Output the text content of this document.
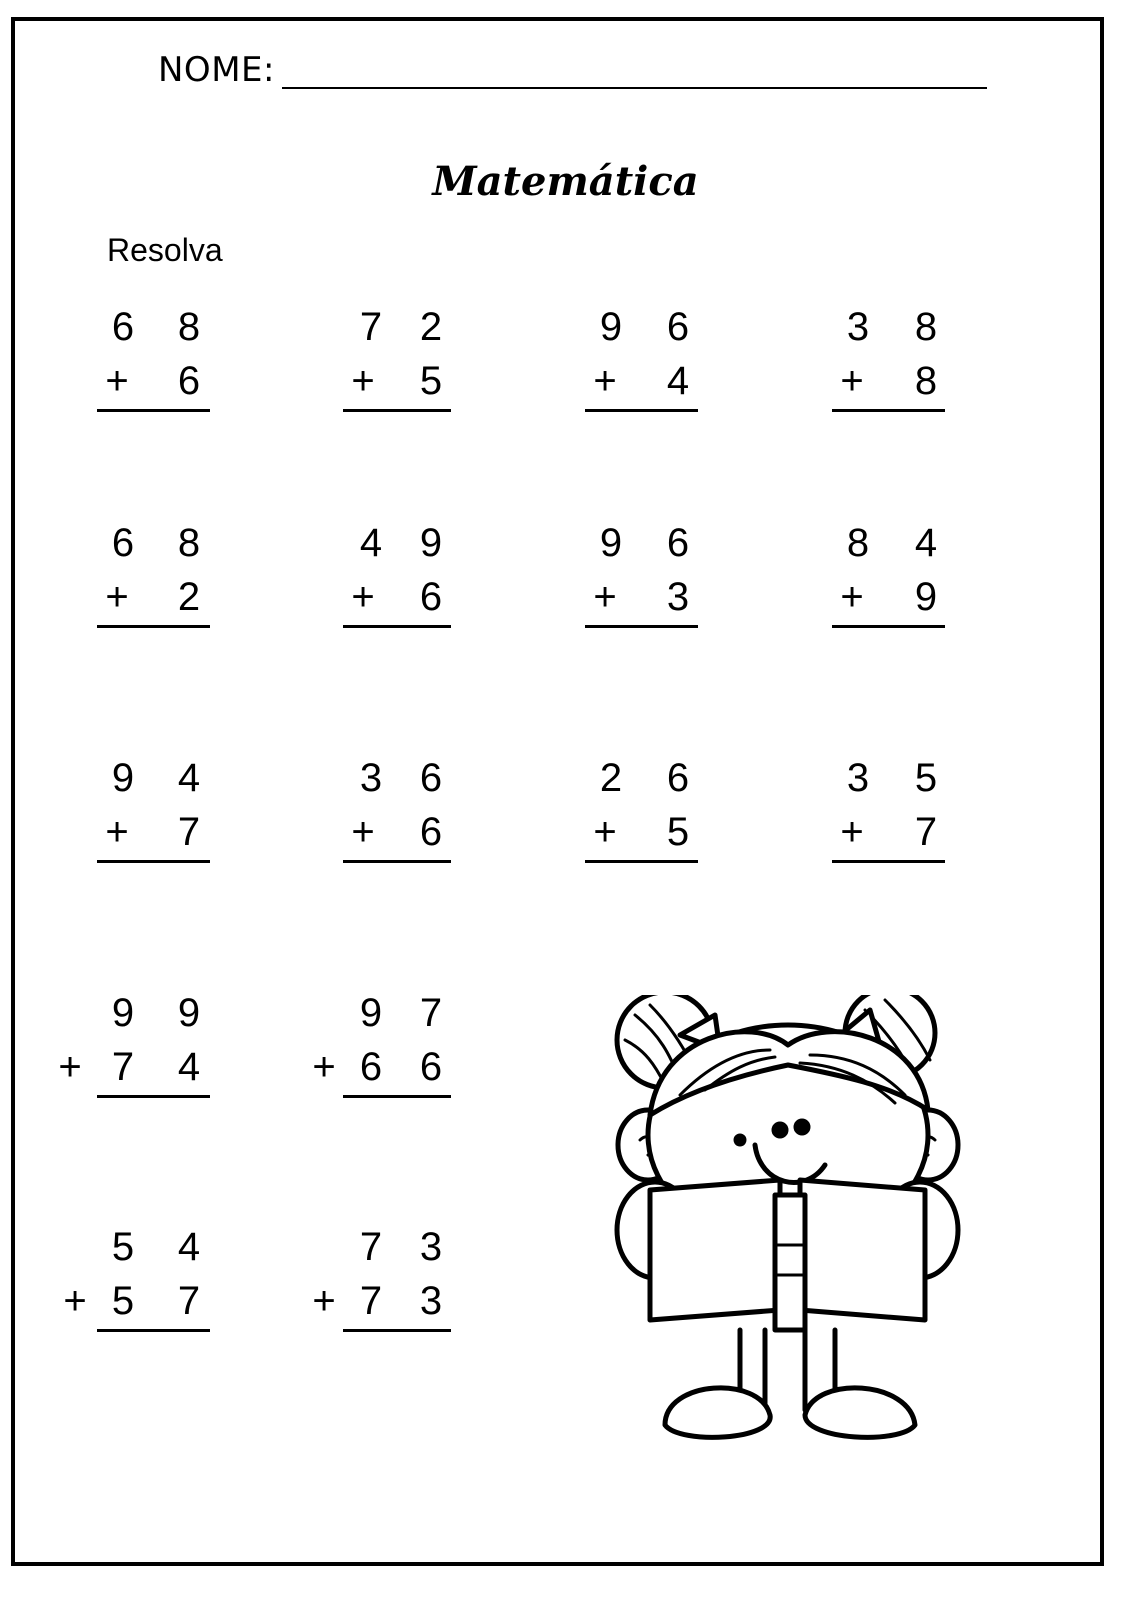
NOME:
Matemática
Resolva
6 8
+ 6
7 2
+ 5
9 6
+ 4
3 8
+ 8
6 8
+ 2
4 9
+ 6
9 6
+ 3
8 4
+ 9
9 4
+ 7
3 6
+ 6
2 6
+ 5
3 5
+ 7
9 9
+ 7 4
9 7
+ 6 6
5 4
+ 5 7
7 3
+ 7 3
